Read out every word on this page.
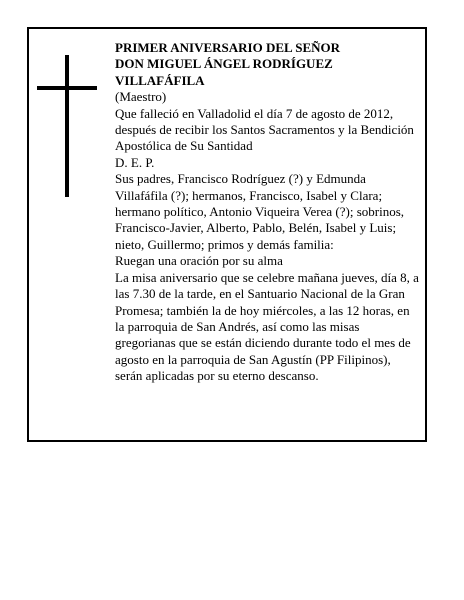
PRIMER ANIVERSARIO DEL SEÑOR
DON MIGUEL ÁNGEL RODRÍGUEZ
VILLAFÁFILA
(Maestro)
Que falleció en Valladolid el día 7 de agosto de 2012, después de recibir los Santos Sacramentos y la Bendición Apostólica de Su Santidad
D. E. P.
Sus padres, Francisco Rodríguez (?) y Edmunda Villafáfila (?); hermanos, Francisco, Isabel y Clara; hermano político, Antonio Viqueira Verea (?); sobrinos, Francisco-Javier, Alberto, Pablo, Belén, Isabel y Luis; nieto, Guillermo; primos y demás familia:
Ruegan una oración por su alma
La misa aniversario que se celebre mañana jueves, día 8, a las 7.30 de la tarde, en el Santuario Nacional de la Gran Promesa; también la de hoy miércoles, a las 12 horas, en la parroquia de San Andrés, así como las misas gregorianas que se están diciendo durante todo el mes de agosto en la parroquia de San Agustín (PP Filipinos), serán aplicadas por su eterno descanso.
